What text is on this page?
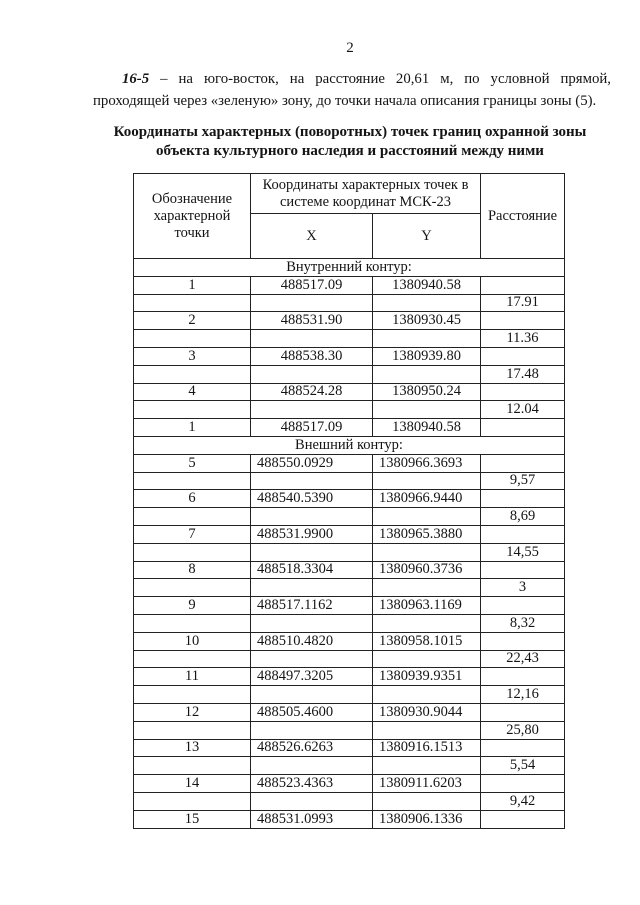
2

16-5 – на юго-восток, на расстояние 20,61 м, по условной прямой, проходящей через «зеленую» зону, до точки начала описания границы зоны (5).

Координаты характерных (поворотных) точек границ охранной зоны объекта культурного наследия и расстояний между ними
Обозначение характерной точки	Координаты характерных точек в системе координат МСК-23		Расстояние
	X	Y	
Внутренний контур:			
1	488517.09	1380940.58	
			17.91
2	488531.90	1380930.45	
			11.36
3	488538.30	1380939.80	
			17.48
4	488524.28	1380950.24	
			12.04
1	488517.09	1380940.58	
Внешний контур:			
5	488550.0929	1380966.3693	
			9,57
6	488540.5390	1380966.9440	
			8,69
7	488531.9900	1380965.3880	
			14,55
8	488518.3304	1380960.3736	
			3
9	488517.1162	1380963.1169	
			8,32
10	488510.4820	1380958.1015	
			22,43
11	488497.3205	1380939.9351	
			12,16
12	488505.4600	1380930.9044	
			25,80
13	488526.6263	1380916.1513	
			5,54
14	488523.4363	1380911.6203	
			9,42
15	488531.0993	1380906.1336	
